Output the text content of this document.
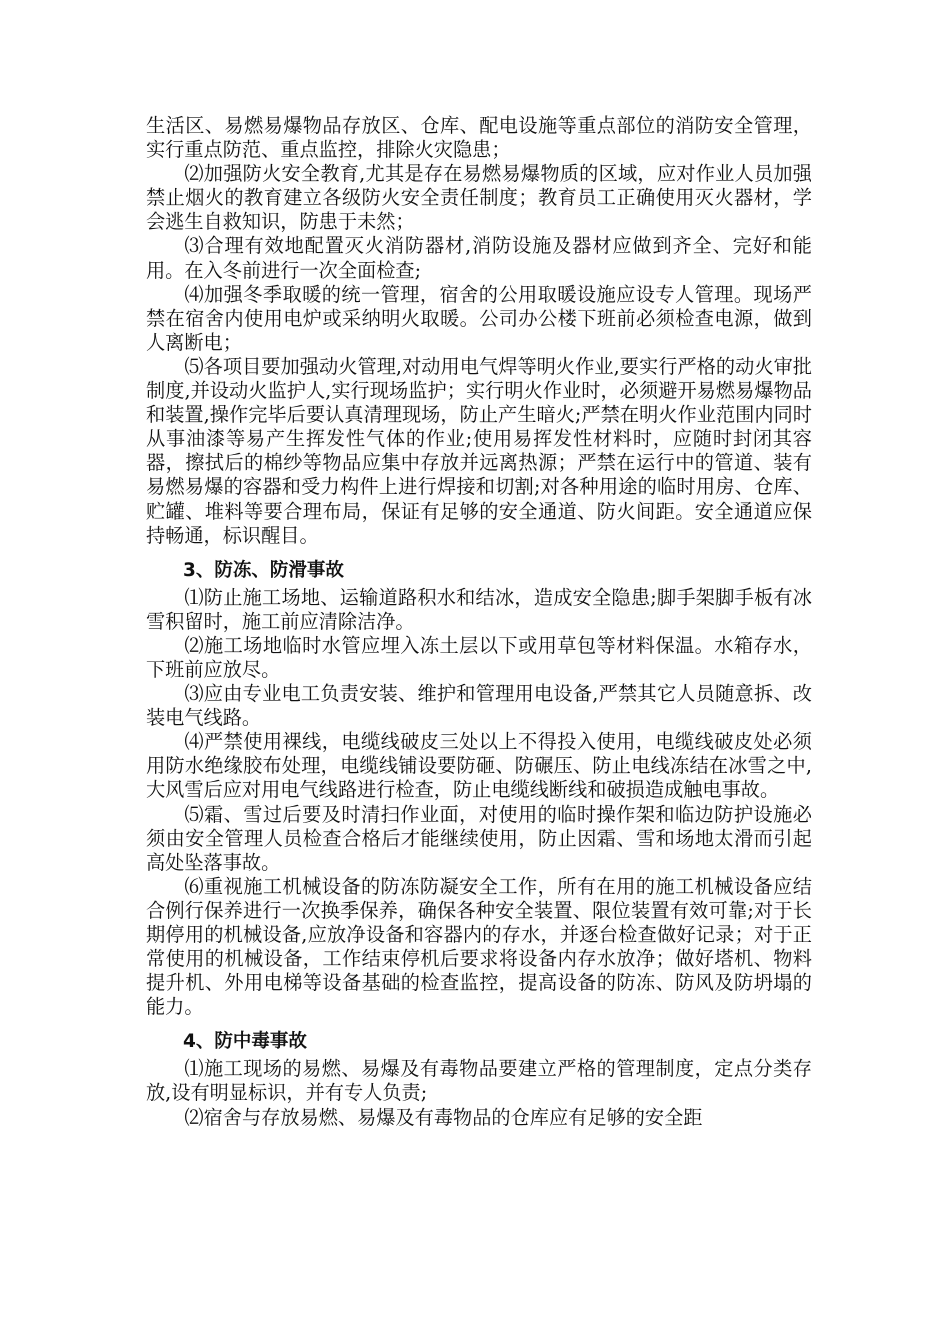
生活区、易燃易爆物品存放区、仓库、配电设施等重点部位的消防安全管理，实行重点防范、重点监控，排除火灾隐患；

⑵加强防火安全教育,尤其是存在易燃易爆物质的区域，应对作业人员加强禁止烟火的教育建立各级防火安全责任制度；教育员工正确使用灭火器材，学会逃生自救知识，防患于未然；

⑶合理有效地配置灭火消防器材,消防设施及器材应做到齐全、完好和能用。在入冬前进行一次全面检查;

⑷加强冬季取暖的统一管理，宿舍的公用取暖设施应设专人管理。现场严禁在宿舍内使用电炉或采纳明火取暖。公司办公楼下班前必须检查电源，做到人离断电；

⑸各项目要加强动火管理,对动用电气焊等明火作业,要实行严格的动火审批制度,并设动火监护人,实行现场监护；实行明火作业时，必须避开易燃易爆物品和装置,操作完毕后要认真清理现场，防止产生暗火;严禁在明火作业范围内同时从事油漆等易产生挥发性气体的作业;使用易挥发性材料时，应随时封闭其容器，擦拭后的棉纱等物品应集中存放并远离热源；严禁在运行中的管道、装有易燃易爆的容器和受力构件上进行焊接和切割;对各种用途的临时用房、仓库、贮罐、堆料等要合理布局，保证有足够的安全通道、防火间距。安全通道应保持畅通，标识醒目。

3、防冻、防滑事故

⑴防止施工场地、运输道路积水和结冰，造成安全隐患;脚手架脚手板有冰雪积留时，施工前应清除洁净。

⑵施工场地临时水管应埋入冻土层以下或用草包等材料保温。水箱存水，下班前应放尽。

⑶应由专业电工负责安装、维护和管理用电设备,严禁其它人员随意拆、改装电气线路。

⑷严禁使用裸线，电缆线破皮三处以上不得投入使用，电缆线破皮处必须用防水绝缘胶布处理，电缆线铺设要防砸、防碾压、防止电线冻结在冰雪之中,大风雪后应对用电气线路进行检查，防止电缆线断线和破损造成触电事故。

⑸霜、雪过后要及时清扫作业面，对使用的临时操作架和临边防护设施必须由安全管理人员检查合格后才能继续使用，防止因霜、雪和场地太滑而引起高处坠落事故。

⑹重视施工机械设备的防冻防凝安全工作，所有在用的施工机械设备应结合例行保养进行一次换季保养，确保各种安全装置、限位装置有效可靠;对于长期停用的机械设备,应放净设备和容器内的存水，并逐台检查做好记录；对于正常使用的机械设备，工作结束停机后要求将设备内存水放净；做好塔机、物料提升机、外用电梯等设备基础的检查监控，提高设备的防冻、防风及防坍塌的能力。

4、防中毒事故

⑴施工现场的易燃、易爆及有毒物品要建立严格的管理制度，定点分类存放,设有明显标识，并有专人负责;

⑵宿舍与存放易燃、易爆及有毒物品的仓库应有足够的安全距
